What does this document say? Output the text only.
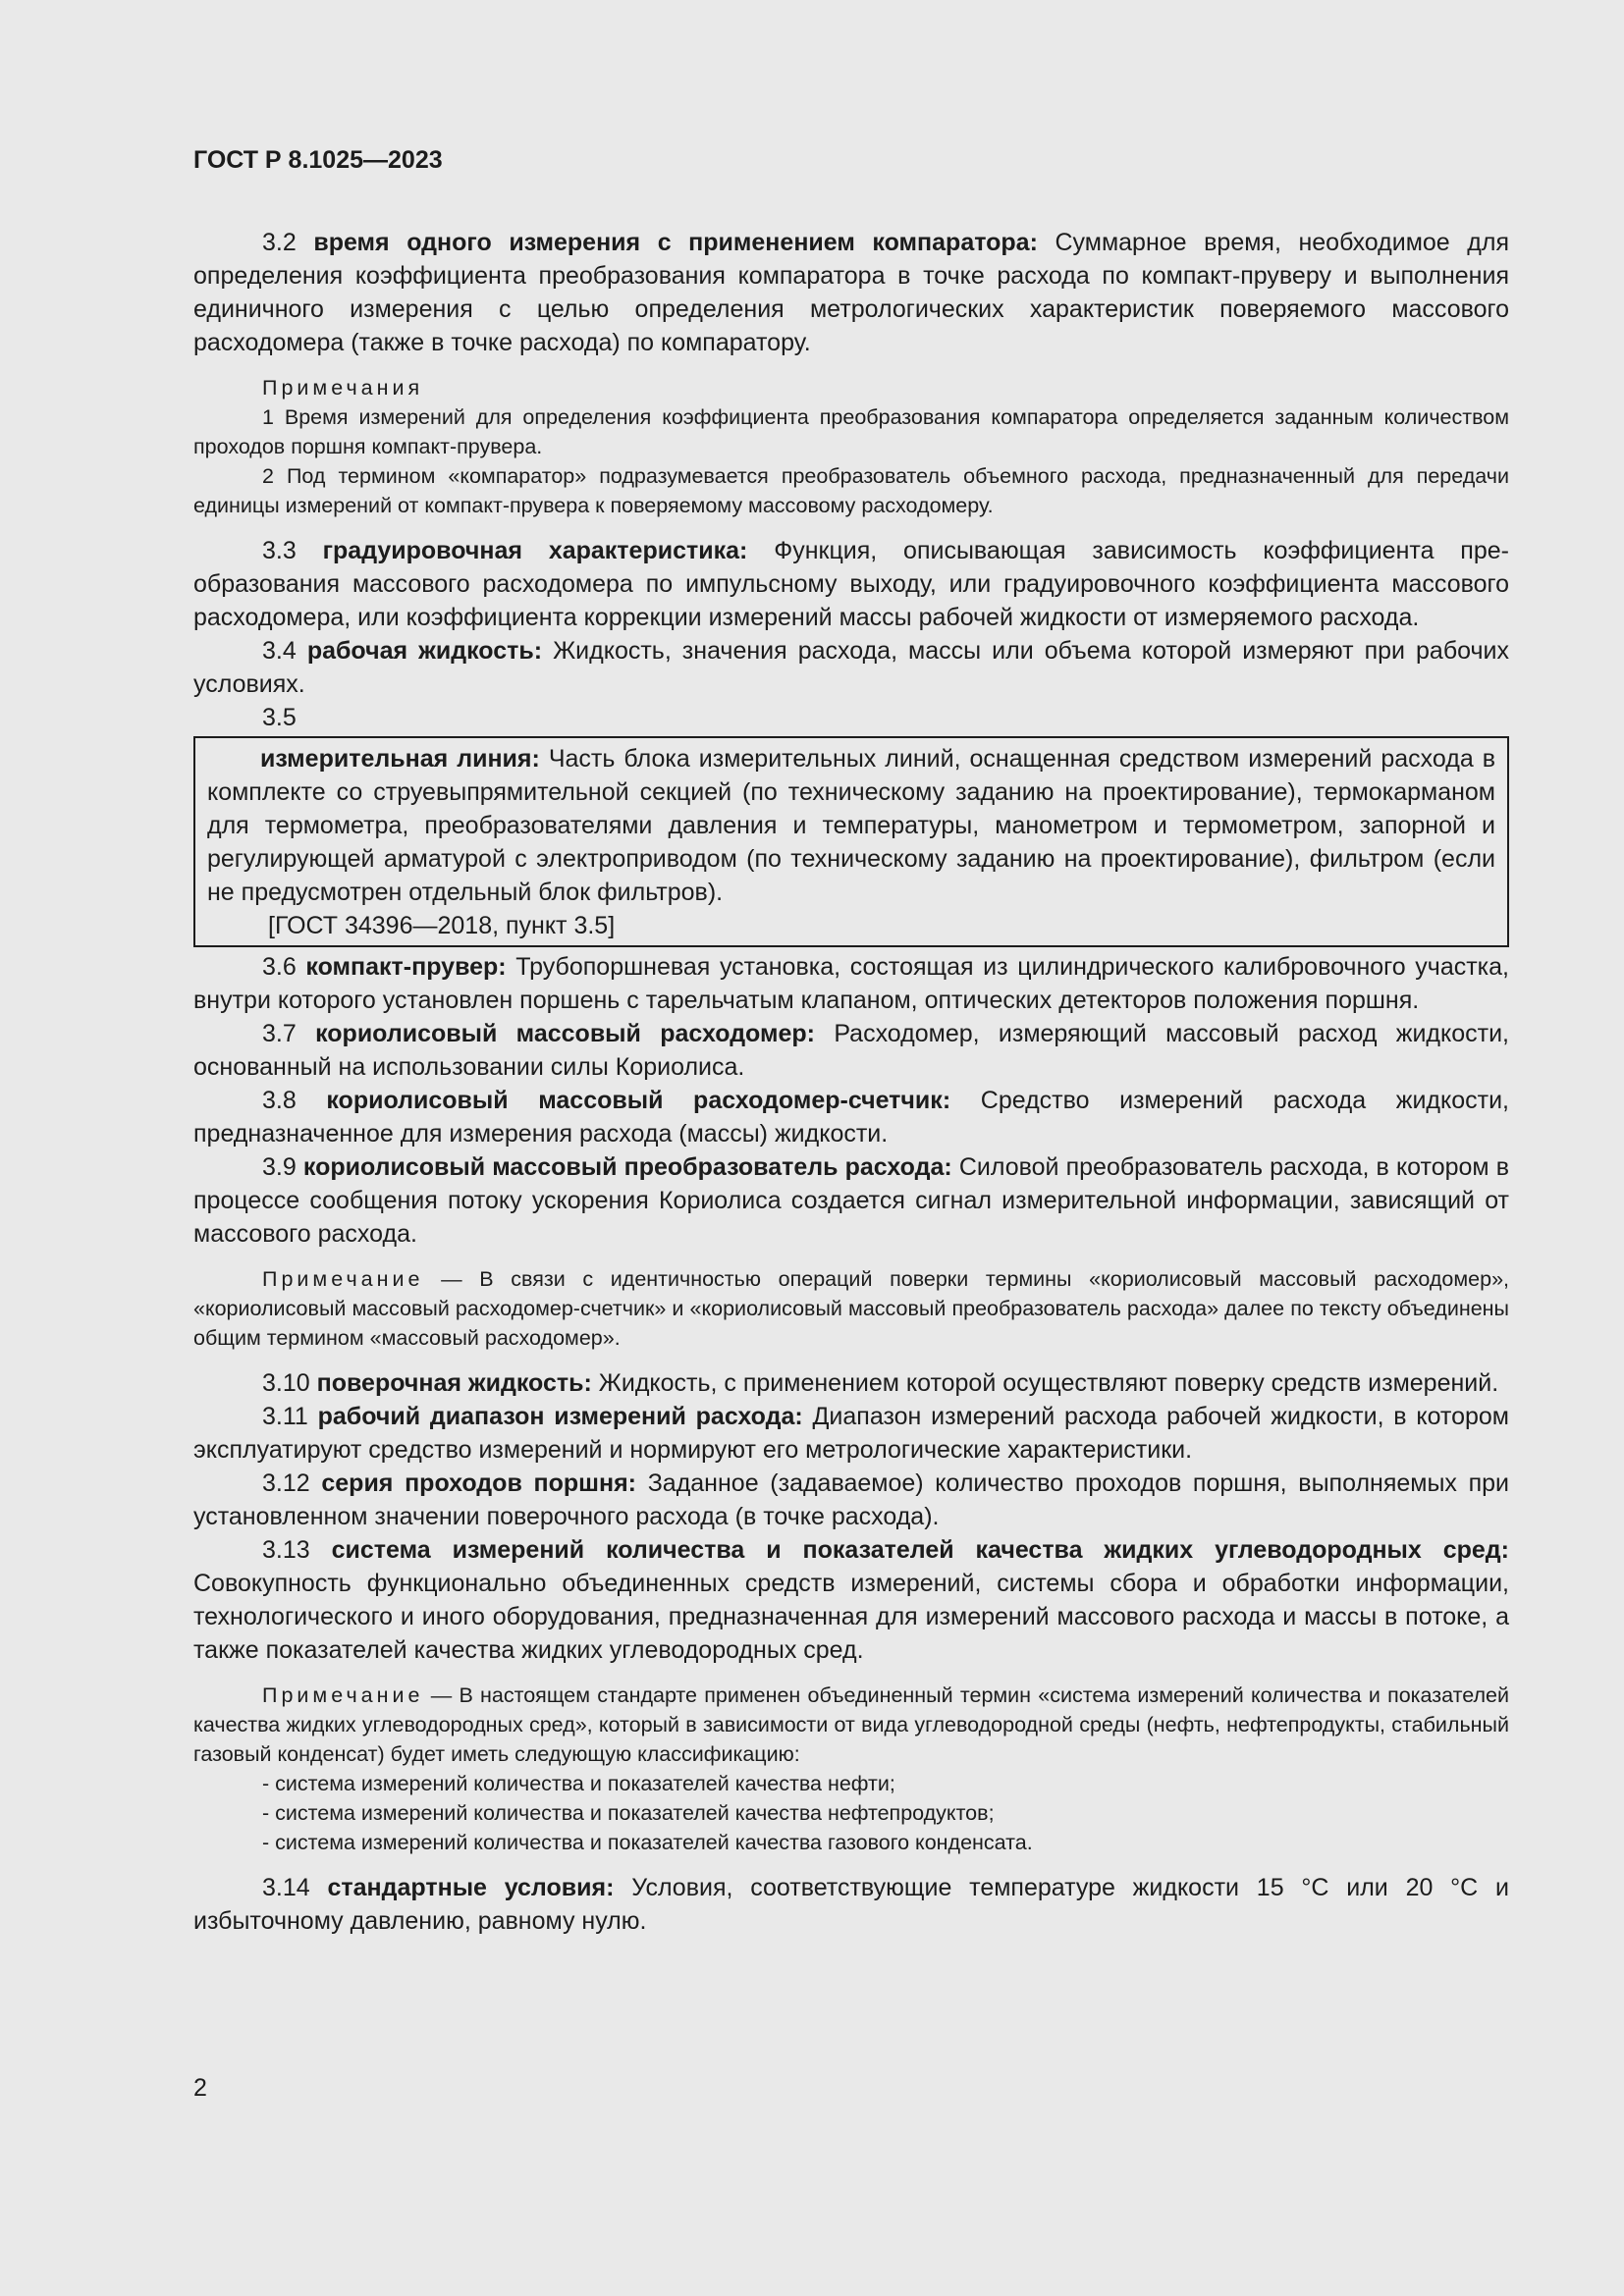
ГОСТ Р 8.1025—2023

3.2 время одного измерения с применением компаратора: Суммарное время, необходимое для определения коэффициента преобразования компаратора в точке расхода по компакт-пруверу и выполнения единичного измерения с целью определения метрологических характеристик поверяемого массового расходомера (также в точке расхода) по компаратору.

Примечания

1 Время измерений для определения коэффициента преобразования компаратора определяется заданным количеством проходов поршня компакт-прувера.

2 Под термином «компаратор» подразумевается преобразователь объемного расхода, предназначенный для передачи единицы измерений от компакт-прувера к поверяемому массовому расходомеру.

3.3 градуировочная характеристика: Функция, описывающая зависимость коэффициента преобразования массового расходомера по импульсному выходу, или градуировочного коэффициента массового расходомера, или коэффициента коррекции измерений массы рабочей жидкости от измеряемого расхода.

3.4 рабочая жидкость: Жидкость, значения расхода, массы или объема которой измеряют при рабочих условиях.

3.5

измерительная линия: Часть блока измерительных линий, оснащенная средством измерений расхода в комплекте со струевыпрямительной секцией (по техническому заданию на проектирование), термокарманом для термометра, преобразователями давления и температуры, манометром и термометром, запорной и регулирующей арматурой с электроприводом (по техническому заданию на проектирование), фильтром (если не предусмотрен отдельный блок фильтров).

[ГОСТ 34396—2018, пункт 3.5]

3.6 компакт-прувер: Трубопоршневая установка, состоящая из цилиндрического калибровочного участка, внутри которого установлен поршень с тарельчатым клапаном, оптических детекторов положения поршня.

3.7 кориолисовый массовый расходомер: Расходомер, измеряющий массовый расход жидкости, основанный на использовании силы Кориолиса.

3.8 кориолисовый массовый расходомер-счетчик: Средство измерений расхода жидкости, предназначенное для измерения расхода (массы) жидкости.

3.9 кориолисовый массовый преобразователь расхода: Силовой преобразователь расхода, в котором в процессе сообщения потоку ускорения Кориолиса создается сигнал измерительной информации, зависящий от массового расхода.

Примечание — В связи с идентичностью операций поверки термины «кориолисовый массовый расходомер», «кориолисовый массовый расходомер-счетчик» и «кориолисовый массовый преобразователь расхода» далее по тексту объединены общим термином «массовый расходомер».

3.10 поверочная жидкость: Жидкость, с применением которой осуществляют поверку средств измерений.

3.11 рабочий диапазон измерений расхода: Диапазон измерений расхода рабочей жидкости, в котором эксплуатируют средство измерений и нормируют его метрологические характеристики.

3.12 серия проходов поршня: Заданное (задаваемое) количество проходов поршня, выполняемых при установленном значении поверочного расхода (в точке расхода).

3.13 система измерений количества и показателей качества жидких углеводородных сред: Совокупность функционально объединенных средств измерений, системы сбора и обработки информации, технологического и иного оборудования, предназначенная для измерений массового расхода и массы в потоке, а также показателей качества жидких углеводородных сред.

Примечание — В настоящем стандарте применен объединенный термин «система измерений количества и показателей качества жидких углеводородных сред», который в зависимости от вида углеводородной среды (нефть, нефтепродукты, стабильный газовый конденсат) будет иметь следующую классификацию:

- система измерений количества и показателей качества нефти;

- система измерений количества и показателей качества нефтепродуктов;

- система измерений количества и показателей качества газового конденсата.

3.14 стандартные условия: Условия, соответствующие температуре жидкости 15 °С или 20 °С и избыточному давлению, равному нулю.

2
